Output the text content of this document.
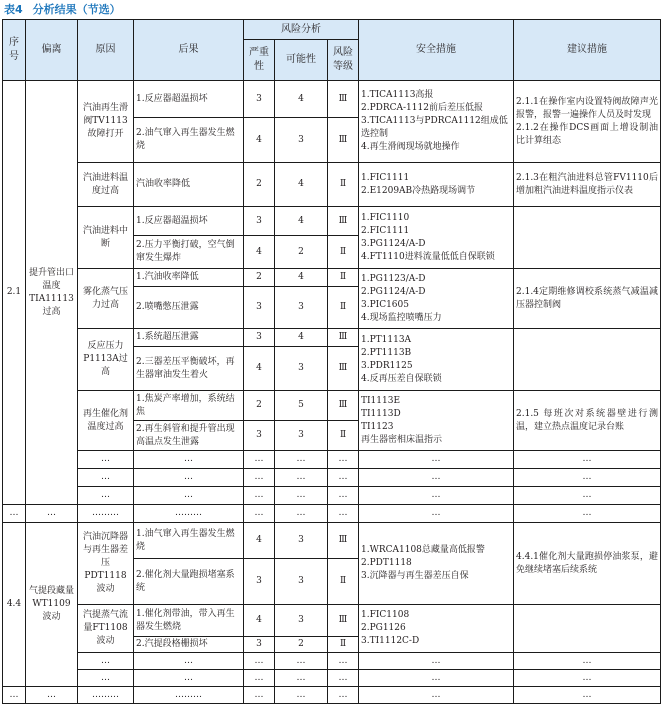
表4 分析结果（节选）
序号	偏离	原因	后果	风险分析			安全措施	建议措施
				严重性	可能性	风险等级		
2.1	提升管出口温度TIA11113过高	汽油再生滑阀TV1113故障打开	1.反应器超温损坏	3	4	Ⅲ	1.TICA1113高报
2.PDRCA-1112前后差压低报
3.TICA1113与PDRCA1112组成低选控制
4.再生滑阀现场就地操作	2.1.1在操作室内设置特阀故障声光报警，报警一遍操作人员及时发现
2.1.2在操作DCS画面上增设制油比计算组态
			2.油气窜入再生器发生燃烧	4	3	Ⅲ		
		汽油进料温度过高	汽油收率降低	2	4	Ⅱ	1.FIC1111
2.E1209AB冷热路现场调节	2.1.3在粗汽油进料总管FV1110后增加粗汽油进料温度指示仪表
		汽油进料中断	1.反应器超温损坏	3	4	Ⅲ	1.FIC1110
2.FIC1111
3.PG1124/A-D
4.FT1110进料流量低低自保联锁	
			2.压力平衡打破，空气倒窜发生爆炸	4	2	Ⅱ		
		雾化蒸气压力过高	1.汽油收率降低	2	4	Ⅱ	1.PG1123/A-D
2.PG1124/A-D
3.PIC1605
4.现场监控喷嘴压力	2.1.4定期维修调校系统蒸气减温减压器控制阀
			2.喷嘴憋压泄露	3	3	Ⅱ		
		反应压力P1113A过高	1.系统超压泄露	3	4	Ⅲ	1.PT1113A
2.PT1113B
3.PDR1125
4.反再压差自保联锁	
			2.三器差压平衡破坏，再生器窜油发生着火	4	3	Ⅲ		
		再生催化剂温度过高	1.焦炭产率增加，系统结焦	2	5	Ⅲ	TI1113E
TI1113D
TI1123
再生器密相床温指示	2.1.5 每班次对系统器壁进行测温，建立热点温度记录台账
			2.再生斜管和提升管出现高温点发生泄露	3	3	Ⅱ		
		…	…	…	…	…	…	…
		…	…	…	…	…	…	…
		…	…	…	…	…	…	…
…	…	………	………	…	…	…	…	…
4.4	气提段藏量WT1109波动	汽油沉降器与再生器差压PDT1118波动	1.油气窜入再生器发生燃烧	4	3	Ⅲ	1.WRCA1108总藏量高低报警
2.PDT1118
3.沉降器与再生器差压自保	4.4.1催化剂大量跑损停油浆泵，避免继续堵塞后续系统
			2.催化剂大量跑损堵塞系统	3	3	Ⅱ		
		汽提蒸气流量FT1108波动	1.催化剂带油，带入再生器发生燃烧	4	3	Ⅲ	1.FIC1108
2.PG1126
3.TI1112C-D	
			2.汽提段格栅损坏	3	2	Ⅱ		
		…	…	…	…	…	…	…
		…	…	…	…	…	…	…
…	…	………	………	…	…	…	…	…
